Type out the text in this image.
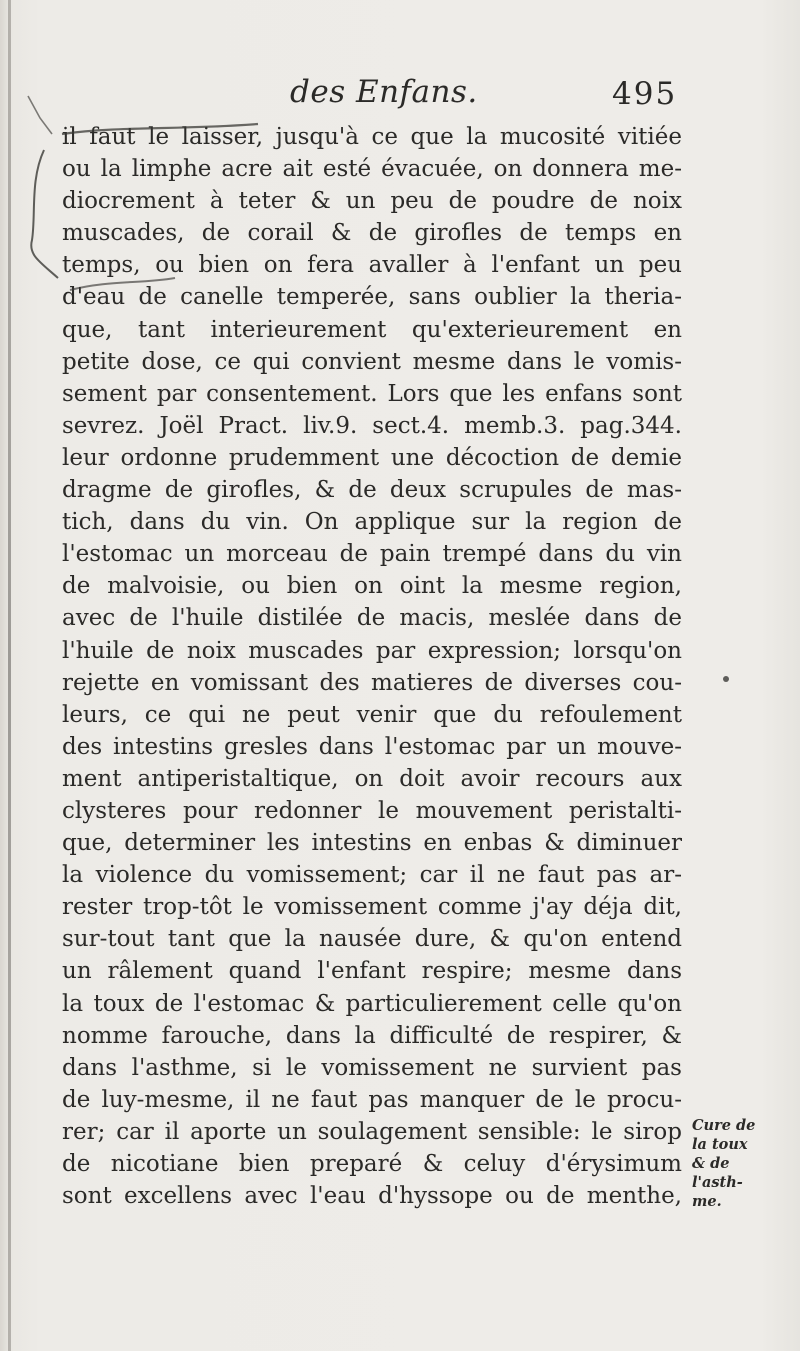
des Enfans.	495
il faut le laisser, jusqu'à ce que la mucosité vitiée
ou la limphe acre ait esté évacuée, on donnera me-
diocrement à teter & un peu de poudre de noix
muscades, de corail & de girofles de temps en
temps, ou bien on fera avaller à l'enfant un peu
d'eau de canelle temperée, sans oublier la theria-
que, tant interieurement qu'exterieurement en
petite dose, ce qui convient mesme dans le vomis-
sement par consentement. Lors que les enfans sont
sevrez. Joël Pract. liv.9. sect.4. memb.3. pag.344.
leur ordonne prudemment une décoction de demie
dragme de girofles, & de deux scrupules de mas-
tich, dans du vin. On applique sur la region de
l'estomac un morceau de pain trempé dans du vin
de malvoisie, ou bien on oint la mesme region,
avec de l'huile distilée de macis, meslée dans de
l'huile de noix muscades par expression; lorsqu'on
rejette en vomissant des matieres de diverses cou-
leurs, ce qui ne peut venir que du refoulement
des intestins gresles dans l'estomac par un mouve-
ment antiperistaltique, on doit avoir recours aux
clysteres pour redonner le mouvement peristalti-
que, determiner les intestins en enbas & diminuer
la violence du vomissement; car il ne faut pas ar-
rester trop-tôt le vomissement comme j'ay déja dit,
sur-tout tant que la nausée dure, & qu'on entend
un râlement quand l'enfant respire; mesme dans
la toux de l'estomac & particulierement celle qu'on
nomme farouche, dans la difficulté de respirer, &
dans l'asthme, si le vomissement ne survient pas
de luy-mesme, il ne faut pas manquer de le procu-
rer; car il aporte un soulagement sensible: le sirop
de nicotiane bien preparé & celuy d'érysimum
sont excellens avec l'eau d'hyssope ou de menthe,
Cure de
la toux
& de
l'asth-
me.
